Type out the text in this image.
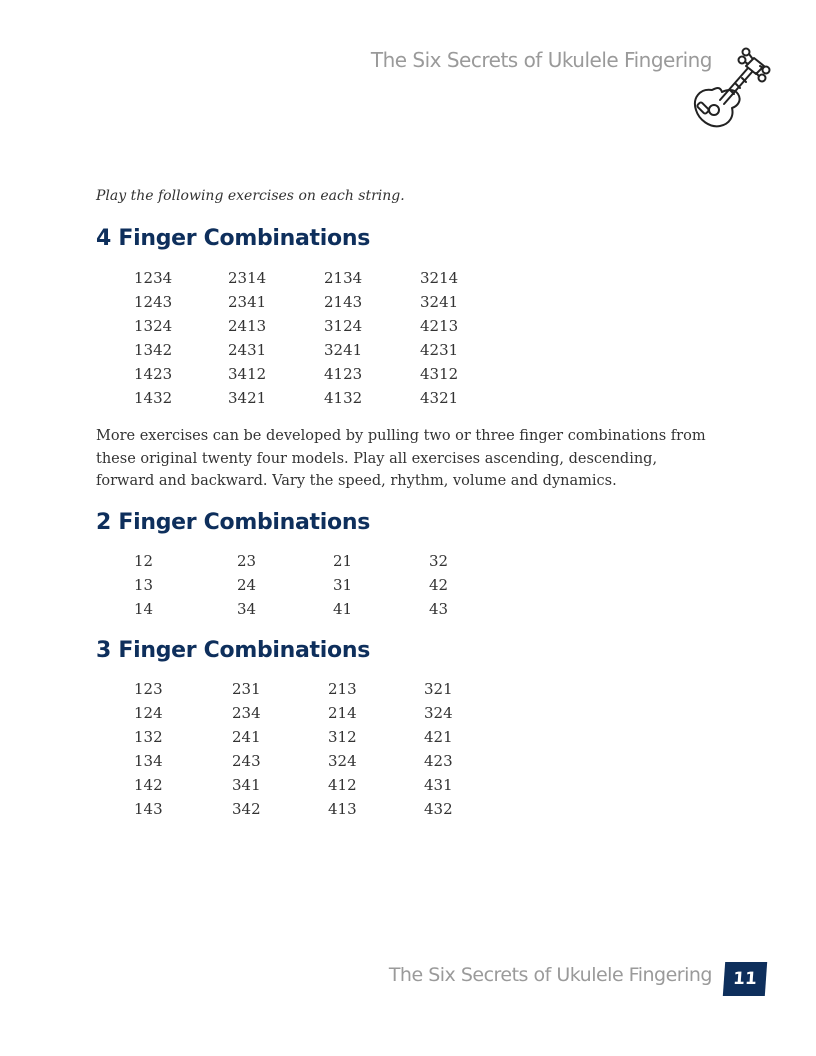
The Six Secrets of Ukulele Fingering
Play the following exercises on each string.
4 Finger Combinations
1234	2314	2134	3214
1243	2341	2143	3241
1324	2413	3124	4213
1342	2431	3241	4231
1423	3412	4123	4312
1432	3421	4132	4321

More exercises can be developed by pulling two or three finger combinations from these original twenty four models. Play all exercises ascending, descending, forward and backward. Vary the speed, rhythm, volume and dynamics.

2 Finger Combinations
12	23	21	32
13	24	31	42
14	34	41	43
3 Finger Combinations
123	231	213	321
124	234	214	324
132	241	312	421
134	243	324	423
142	341	412	431
143	342	413	432
The Six Secrets of Ukulele Fingering 11
